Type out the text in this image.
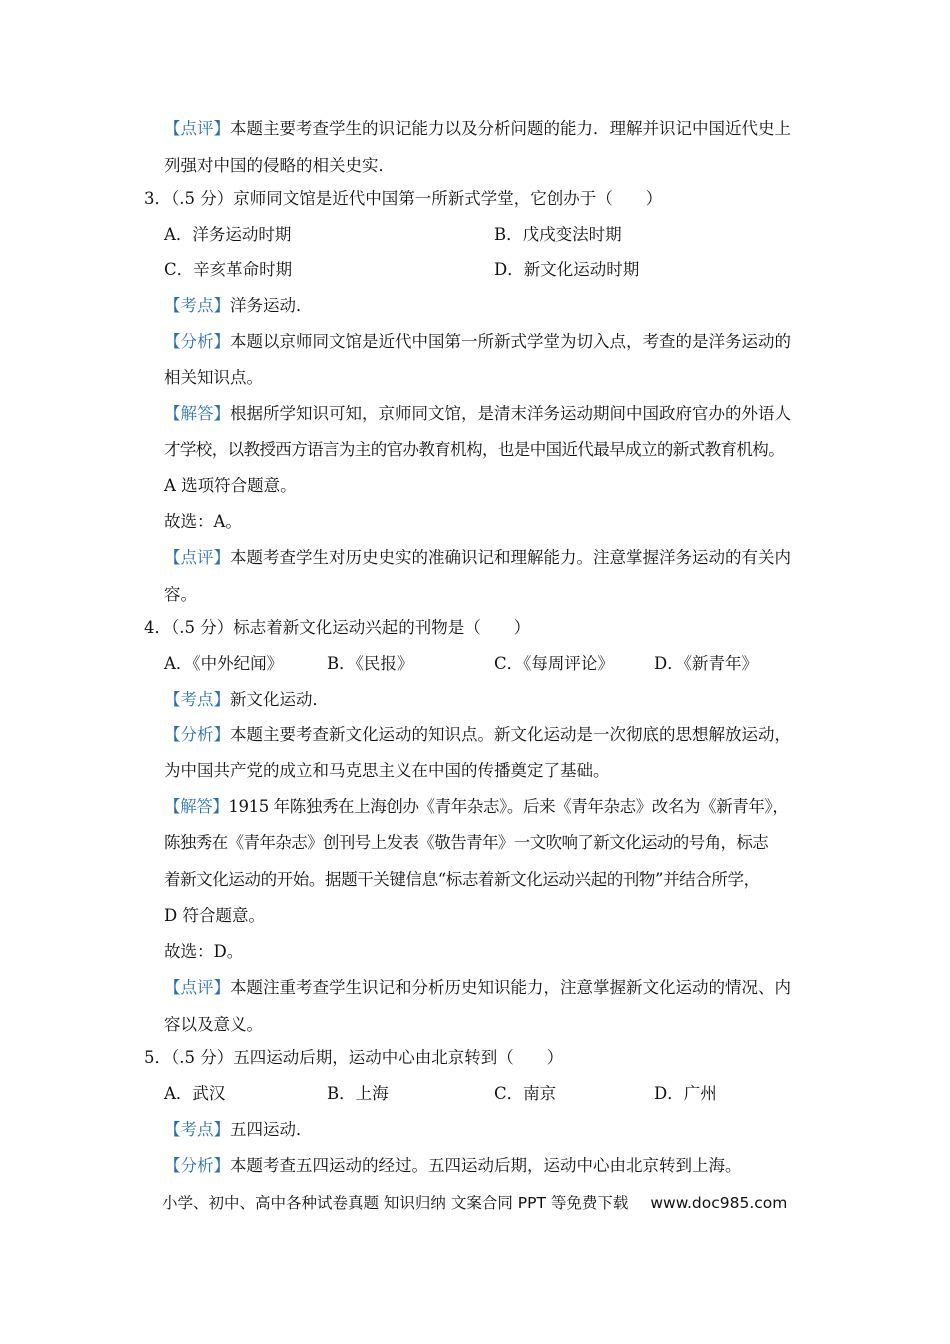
【点评】本题主要考查学生的识记能力以及分析问题的能力．理解并识记中国近代史上
列强对中国的侵略的相关史实．
3．（.5 分）京师同文馆是近代中国第一所新式学堂，它创办于（　　）
A．洋务运动时期	B．戊戌变法时期
C．辛亥革命时期	D．新文化运动时期
【考点】洋务运动．
【分析】本题以京师同文馆是近代中国第一所新式学堂为切入点，考查的是洋务运动的
相关知识点。
【解答】根据所学知识可知，京师同文馆，是清末洋务运动期间中国政府官办的外语人
才学校，以教授西方语言为主的官办教育机构，也是中国近代最早成立的新式教育机构。
A 选项符合题意。
故选：A。
【点评】本题考查学生对历史史实的准确识记和理解能力。注意掌握洋务运动的有关内
容。
4．（.5 分）标志着新文化运动兴起的刊物是（　　）
A．《中外纪闻》	B．《民报》	C．《每周评论》 D．《新青年》
【考点】新文化运动．
【分析】本题主要考查新文化运动的知识点。新文化运动是一次彻底的思想解放运动，
为中国共产党的成立和马克思主义在中国的传播奠定了基础。
【解答】1915 年陈独秀在上海创办《青年杂志》。后来《青年杂志》改名为《新青年》，
陈独秀在《青年杂志》创刊号上发表《敬告青年》一文吹响了新文化运动的号角，标志
着新文化运动的开始。据题干关键信息“标志着新文化运动兴起的刊物”并结合所学，
D 符合题意。
故选：D。
【点评】本题注重考查学生识记和分析历史知识能力，注意掌握新文化运动的情况、内
容以及意义。
5．（.5 分）五四运动后期，运动中心由北京转到（　　）
A．武汉	B．上海	C．南京	D．广州
【考点】五四运动．
【分析】本题考查五四运动的经过。五四运动后期，运动中心由北京转到上海。
小学、初中、高中各种试卷真题 知识归纳 文案合同 PPT 等免费下载 www.doc985.com
